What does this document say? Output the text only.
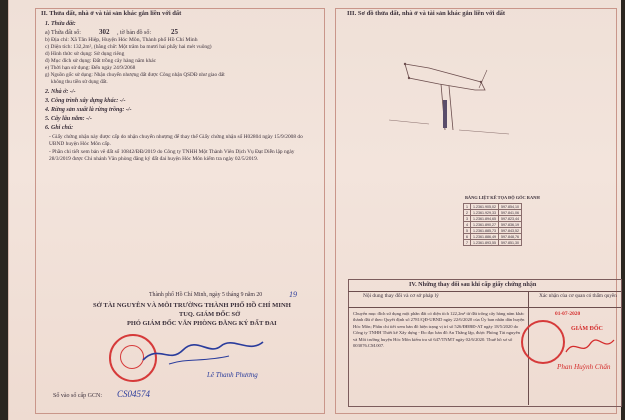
II. Thửa đất, nhà ở và tài sản khác gắn liền với đất
1. Thửa đất:
a) Thửa đất số:	302 , tờ bản đồ số:	25
b) Địa chỉ: Xã Tân Hiệp, Huyện Hóc Môn, Thành phố Hồ Chí Minh
c) Diện tích: 132,2m², (bằng chữ: Một trăm ba mươi hai phẩy hai mét vuông)
d) Hình thức sử dụng: Sử dụng riêng
đ) Mục đích sử dụng: Đất trồng cây hàng năm khác
e) Thời hạn sử dụng: Đến ngày 24/9/2068
g) Nguồn gốc sử dụng: Nhận chuyển nhượng đất được Công nhận QSDĐ như giao đất
không thu tiền sử dụng đất.
2. Nhà ở: -/-
3. Công trình xây dựng khác: -/-
4. Rừng sản xuất là rừng trồng: -/-
5. Cây lâu năm: -/-
6. Ghi chú:
- Giấy chứng nhận này được cấp do nhận chuyển nhượng để thay thế Giấy chứng nhận số H02804 ngày 15/9/2008 do UBND huyện Hóc Môn cấp.
- Phần chi tiết xem bản vẽ đất số 10842/ĐĐ/2019 do Công ty TNHH Một Thành Viên Dịch Vụ Đạt Diễn lập ngày 28/3/2019 được Chi nhánh Văn phòng đăng ký đất đai huyện Hóc Môn kiểm tra ngày 02/5/2019.
Thành phố Hồ Chí Minh, ngày 5 tháng 9 năm 20	19
SỞ TÀI NGUYÊN VÀ MÔI TRƯỜNG THÀNH PHỐ HỒ CHÍ MINH
TUQ. GIÁM ĐỐC SỞ
PHÓ GIÁM ĐỐC VĂN PHÒNG ĐĂNG KÝ ĐẤT ĐAI
Lê Thanh Phương
Số vào sổ cấp GCN: CS04574
III. Sơ đồ thửa đất, nhà ở và tài sản khác gắn liền với đất
BẢNG LIỆT KÊ TỌA ĐỘ GÓC RANH
1	1.2361.905,02	597.854,10
2	1.2361.929,33	597.841,06
3	1.2361.894,65	597.823,44
4	1.2361.890,27	597.836,19
5	1.2361.885,73	597.843,52
6	1.2361.886,49	597.848,76
7	1.2361.893,55	597.851,30
IV. Những thay đổi sau khi cấp giấy chứng nhận
Nội dung thay đổi và cơ sở pháp lý	Xác nhận của cơ quan có thẩm quyền
Chuyển mục đích sử dụng một phần đất có diện tích 122,2m² từ đất trồng cây hàng năm khác thành đất ở theo Quyết định số 2781/QĐ-UBND ngày 22/6/2020 của Ủy ban nhân dân huyện Hóc Môn; Phần chi tiết xem bản đồ hiện trạng vị trí số 526/ĐĐBĐ-AT ngày 18/5/2020 do Công ty TNHH Thiết kế Xây dựng - Đo đạc bản đồ An Thắng lập, được Phòng Tài nguyên và Môi trường huyện Hóc Môn kiểm tra số 647/TNMT ngày 02/6/2020. Thuế hồ sơ số 003076.CM.007.
01-07-2020
GIÁM ĐỐC
Phan Huỳnh Chấn
